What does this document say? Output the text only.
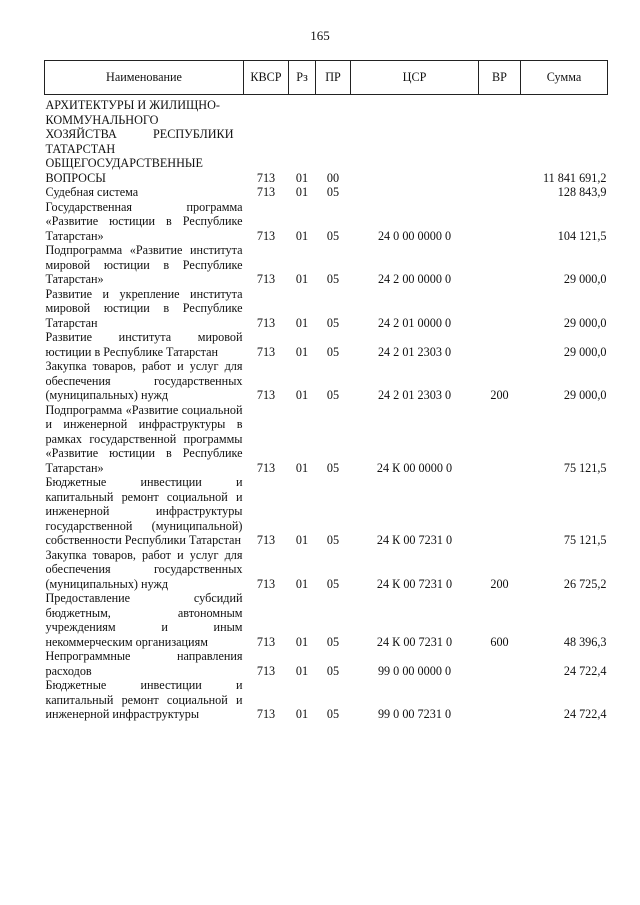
165
Наименование	КВСР	Рз	ПР	ЦСР	ВР	Сумма

АРХИТЕКТУРЫ И ЖИЛИЩНО-
КОММУНАЛЬНОГО
ХОЗЯЙСТВА РЕСПУБЛИКИ
ТАТАРСТАН						

ОБЩЕГОСУДАРСТВЕННЫЕ ВОПРОСЫ	713	01	00			11 841 691,2
Судебная система	713	01	05			128 843,9
Государственная программа «Развитие юстиции в Республике Татарстан»	713	01	05	24 0 00 0000 0		104 121,5
Подпрограмма «Развитие института мировой юстиции в Республике Татарстан»	713	01	05	24 2 00 0000 0		29 000,0
Развитие и укрепление института мировой юстиции в Республике Татарстан	713	01	05	24 2 01 0000 0		29 000,0
Развитие института мировой юстиции в Республике Татарстан	713	01	05	24 2 01 2303 0		29 000,0
Закупка товаров, работ и услуг для обеспечения государственных (муниципальных) нужд	713	01	05	24 2 01 2303 0	200	29 000,0
Подпрограмма «Развитие социальной и инженерной инфраструктуры в рамках государственной программы «Развитие юстиции в Республике Татарстан»	713	01	05	24 К 00 0000 0		75 121,5
Бюджетные инвестиции и капитальный ремонт социальной и инженерной инфраструктуры государственной (муниципальной) собственности Республики Татарстан	713	01	05	24 К 00 7231 0		75 121,5
Закупка товаров, работ и услуг для обеспечения государственных (муниципальных) нужд	713	01	05	24 К 00 7231 0	200	26 725,2
Предоставление субсидий бюджетным, автономным учреждениям и иным некоммерческим организациям	713	01	05	24 К 00 7231 0	600	48 396,3
Непрограммные направления расходов	713	01	05	99 0 00 0000 0		24 722,4
Бюджетные инвестиции и капитальный ремонт социальной и инженерной инфраструктуры	713	01	05	99 0 00 7231 0		24 722,4
